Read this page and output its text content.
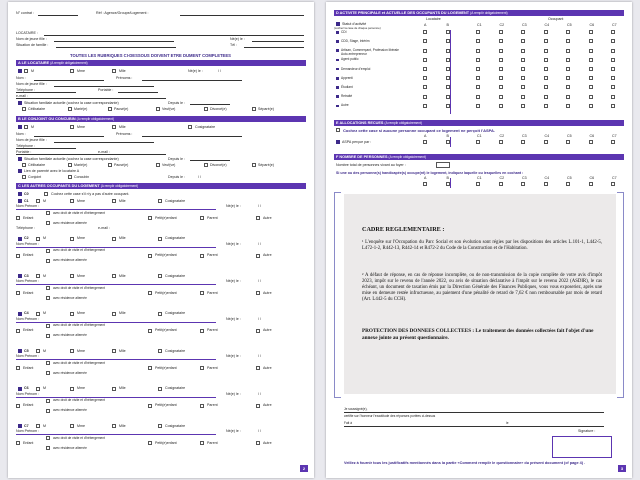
N° contrat :	Réf : Agence/Groupe/Logement :
LOCATAIRE :
Nom de jeune fille :	Né(e) le :
Situation de famille :	Tél :
TOUTES LES RUBRIQUES CI-DESSOUS DOIVENT ETRE DUMENT COMPLETEES
A LE LOCATAIRE (A remplir obligatoirement)
M	Mme	Mlle	Né(e) le :	/ /
Nom :	Prénoms :
Nom de jeune fille :
Téléphone :	Portable :
e-mail :
Situation familiale actuelle (cochez la case correspondante)	Depuis le :
Célibataire	Marié(e)	Pacsé(e)	Veuf(ve)	Divorcé(e)	Séparé(e)
B LE CONJOINT OU CONCUBIN (A remplir obligatoirement)
M	Mme	Mlle	Cosignataire
Nom :	Prénoms :
Nom de jeune fille :
Téléphone :
Portable :	e-mail :
Situation familiale actuelle (cochez la case correspondante)	Depuis le :
Célibataire	Marié(e)	Pacsé(e)	Veuf(ve)	Divorcé(e)	Séparé(e)
Lien de parenté avec le locataire A
Conjoint	Concubin	Depuis le :	/ /
C LES AUTRES OCCUPANTS DU LOGEMENT (A remplir obligatoirement)
C0	Cochez cette case s'il n'y a pas d'autre occupant.
C1	M	Mme	Mlle	Cosignataire
Nom Prénom :	Né(e) le :	/ /
avec droit de visite et d'hébergement
Enfant	Petit(e)enfant	Parent	Autre
avec résidence alternée
Téléphone :	e-mail :
C2	M	Mme	Mlle	Cosignataire
Nom Prénom :	Né(e) le :	/ /
avec droit de visite et d'hébergement
Enfant	Petit(e)enfant	Parent	Autre
avec résidence alternée
C3	M	Mme	Mlle	Cosignataire
Nom Prénom :	Né(e) le :	/ /
avec droit de visite et d'hébergement
Enfant	Petit(e)enfant	Parent	Autre
avec résidence alternée
C4	M	Mme	Mlle	Cosignataire
Nom Prénom :	Né(e) le :	/ /
avec droit de visite et d'hébergement
Enfant	Petit(e)enfant	Parent	Autre
avec résidence alternée
C5	M	Mme	Mlle	Cosignataire
Nom Prénom :	Né(e) le :	/ /
avec droit de visite et d'hébergement
Enfant	Petit(e)enfant	Parent	Autre
avec résidence alternée
C6	M	Mme	Mlle	Cosignataire
Nom Prénom :	Né(e) le :	/ /
avec droit de visite et d'hébergement
Enfant	Petit(e)enfant	Parent	Autre
avec résidence alternée
C7	M	Mme	Mlle	Cosignataire
Nom Prénom :	Né(e) le :	/ /
avec droit de visite et d'hébergement
Enfant	Petit(e)enfant	Parent	Autre
avec résidence alternée
2
D ACTIVITE PRINCIPALE et ACTUELLE DES OCCUPANTS DU LOGEMENT (A remplir obligatoirement)
Locataire	Occupant
Statut d'activité
(cochez la case de chaque personne)
A	B	C1	C2	C3	C4	C5	C6	C7
CDI
CDD, Stage, Intérim
Artisan, Commerçant, Profession libérale
Auto-entrepreneur
Agent public
Demandeur d'emploi
Apprenti
Étudiant
Retraité
Autre
E ALLOCATIONS RECUES (A remplir obligatoirement)
Cochez cette case si aucune personne occupant ce logement ne perçoit l'ASPA.
A	B	C1	C2	C3	C4	C5	C6	C7
ASPA perçue par :
F NOMBRE DE PERSONNES (A remplir obligatoirement)
Nombre total de personnes vivant au foyer :
Si une ou des personne(s) handicapée(s) occupe(nt) le logement, indiquez laquelle ou lesquelles en cochant :
A	B	C1	C2	C3	C4	C5	C6	C7
CADRE REGLEMENTAIRE :
¹ L'enquête sur l'Occupation du Parc Social et son évolution sont régies par les dispositions des articles L.101-1, L442-5, L472-1-2, R442-13, R442-14 et R472-2 du Code de la Construction et de l'Habitation.
² A défaut de réponse, en cas de réponse incomplète, ou de non-transmission de la copie complète de votre avis d'impôt 2023, impôt sur le revenu de l'année 2022, ou avis de situation déclarative à l'impôt sur le revenu 2022 (ASDIR), le cas échéant, un document de taxation émis par la Direction Générale des Finances Publiques, vous vous exposeriez, après une mise en demeure restée infructueuse, au paiement d'une pénalité de retard de 7,62 € non remboursable par mois de retard (Art. L442-5 du CCH).
PROTECTION DES DONNEES COLLECTEES : Le traitement des données collectées fait l'objet d'une annexe jointe au présent questionnaire.
Je soussigné(e),
certifie sur l'honneur l'exactitude des réponses portées ci-dessus
Fait à	le
Signature :
Veillez à fournir tous les justificatifs mentionnés dans la partie «Comment remplir le questionnaire» du présent document (cf page 4) .
3
